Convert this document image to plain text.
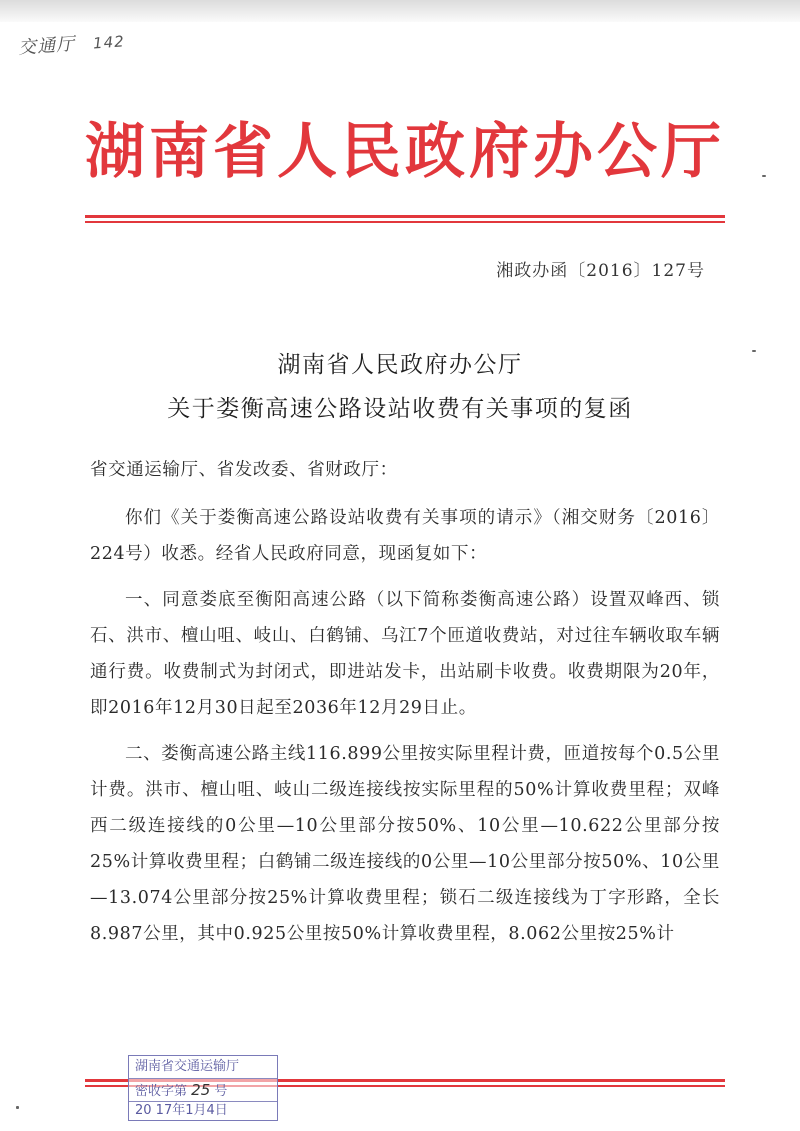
交通厅 142
湖南省人民政府办公厅
湘政办函〔2016〕127号
湖南省人民政府办公厅
关于娄衡高速公路设站收费有关事项的复函

省交通运输厅、省发改委、省财政厅：

你们《关于娄衡高速公路设站收费有关事项的请示》（湘交财务〔2016〕224号）收悉。经省人民政府同意，现函复如下：

一、同意娄底至衡阳高速公路（以下简称娄衡高速公路）设置双峰西、锁石、洪市、檀山咀、岐山、白鹤铺、乌江7个匝道收费站，对过往车辆收取车辆通行费。收费制式为封闭式，即进站发卡，出站刷卡收费。收费期限为20年，即2016年12月30日起至2036年12月29日止。

二、娄衡高速公路主线116.899公里按实际里程计费，匝道按每个0.5公里计费。洪市、檀山咀、岐山二级连接线按实际里程的50%计算收费里程；双峰西二级连接线的0公里—10公里部分按50%、10公里—10.622公里部分按25%计算收费里程；白鹤铺二级连接线的0公里—10公里部分按50%、10公里—13.074公里部分按25%计算收费里程；锁石二级连接线为丁字形路，全长8.987公里，其中0.925公里按50%计算收费里程，8.062公里按25%计

湖南省交通运输厅
密收字第 25 号
20 17年1月4日
